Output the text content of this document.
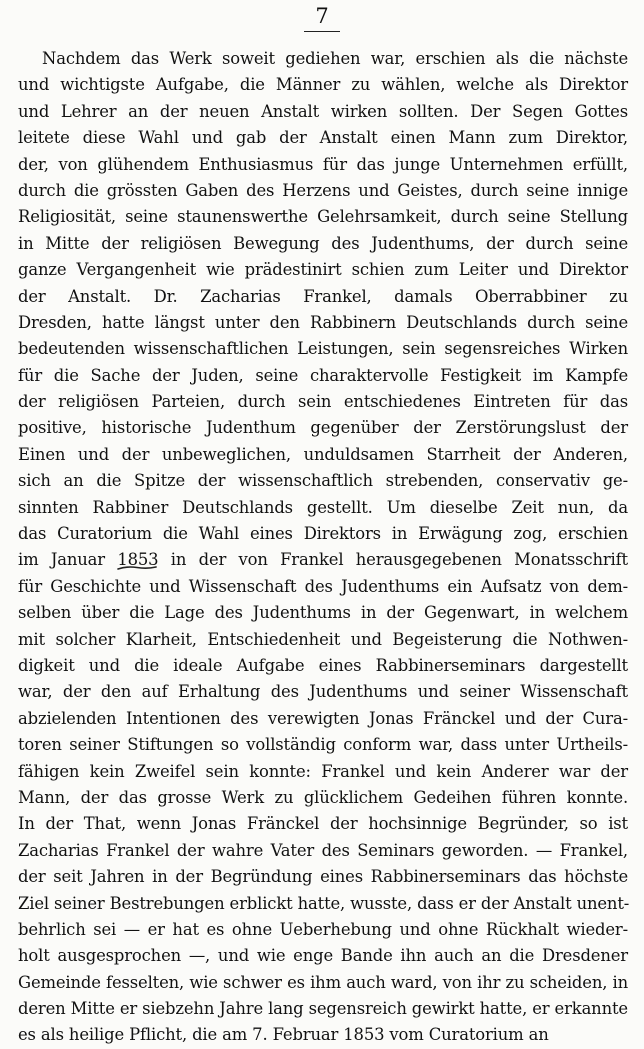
7
Nachdem das Werk soweit gediehen war, erschien als die nächste
und wichtigste Aufgabe, die Männer zu wählen, welche als Direktor
und Lehrer an der neuen Anstalt wirken sollten. Der Segen Gottes
leitete diese Wahl und gab der Anstalt einen Mann zum Direktor,
der, von glühendem Enthusiasmus für das junge Unternehmen erfüllt,
durch die grössten Gaben des Herzens und Geistes, durch seine innige
Religiosität, seine staunenswerthe Gelehrsamkeit, durch seine Stellung
in Mitte der religiösen Bewegung des Judenthums, der durch seine
ganze Vergangenheit wie prädestinirt schien zum Leiter und Direktor
der Anstalt. Dr. Zacharias Frankel, damals Oberrabbiner zu
Dresden, hatte längst unter den Rabbinern Deutschlands durch seine
bedeutenden wissenschaftlichen Leistungen, sein segensreiches Wirken
für die Sache der Juden, seine charaktervolle Festigkeit im Kampfe
der religiösen Parteien, durch sein entschiedenes Eintreten für das
positive, historische Judenthum gegenüber der Zerstörungslust der
Einen und der unbeweglichen, unduldsamen Starrheit der Anderen,
sich an die Spitze der wissenschaftlich strebenden, conservativ ge-
sinnten Rabbiner Deutschlands gestellt. Um dieselbe Zeit nun, da
das Curatorium die Wahl eines Direktors in Erwägung zog, erschien
im Januar 1853 in der von Frankel herausgegebenen Monatsschrift
für Geschichte und Wissenschaft des Judenthums ein Aufsatz von dem-
selben über die Lage des Judenthums in der Gegenwart, in welchem
mit solcher Klarheit, Entschiedenheit und Begeisterung die Nothwen-
digkeit und die ideale Aufgabe eines Rabbinerseminars dargestellt
war, der den auf Erhaltung des Judenthums und seiner Wissenschaft
abzielenden Intentionen des verewigten Jonas Fränckel und der Cura-
toren seiner Stiftungen so vollständig conform war, dass unter Urtheils-
fähigen kein Zweifel sein konnte: Frankel und kein Anderer war der
Mann, der das grosse Werk zu glücklichem Gedeihen führen konnte.
In der That, wenn Jonas Fränckel der hochsinnige Begründer, so ist
Zacharias Frankel der wahre Vater des Seminars geworden. — Frankel,
der seit Jahren in der Begründung eines Rabbinerseminars das höchste
Ziel seiner Bestrebungen erblickt hatte, wusste, dass er der Anstalt unent-
behrlich sei — er hat es ohne Ueberhebung und ohne Rückhalt wieder-
holt ausgesprochen —, und wie enge Bande ihn auch an die Dresdener
Gemeinde fesselten, wie schwer es ihm auch ward, von ihr zu scheiden, in
deren Mitte er siebzehn Jahre lang segensreich gewirkt hatte, er erkannte
es als heilige Pflicht, die am 7. Februar 1853 vom Curatorium an
